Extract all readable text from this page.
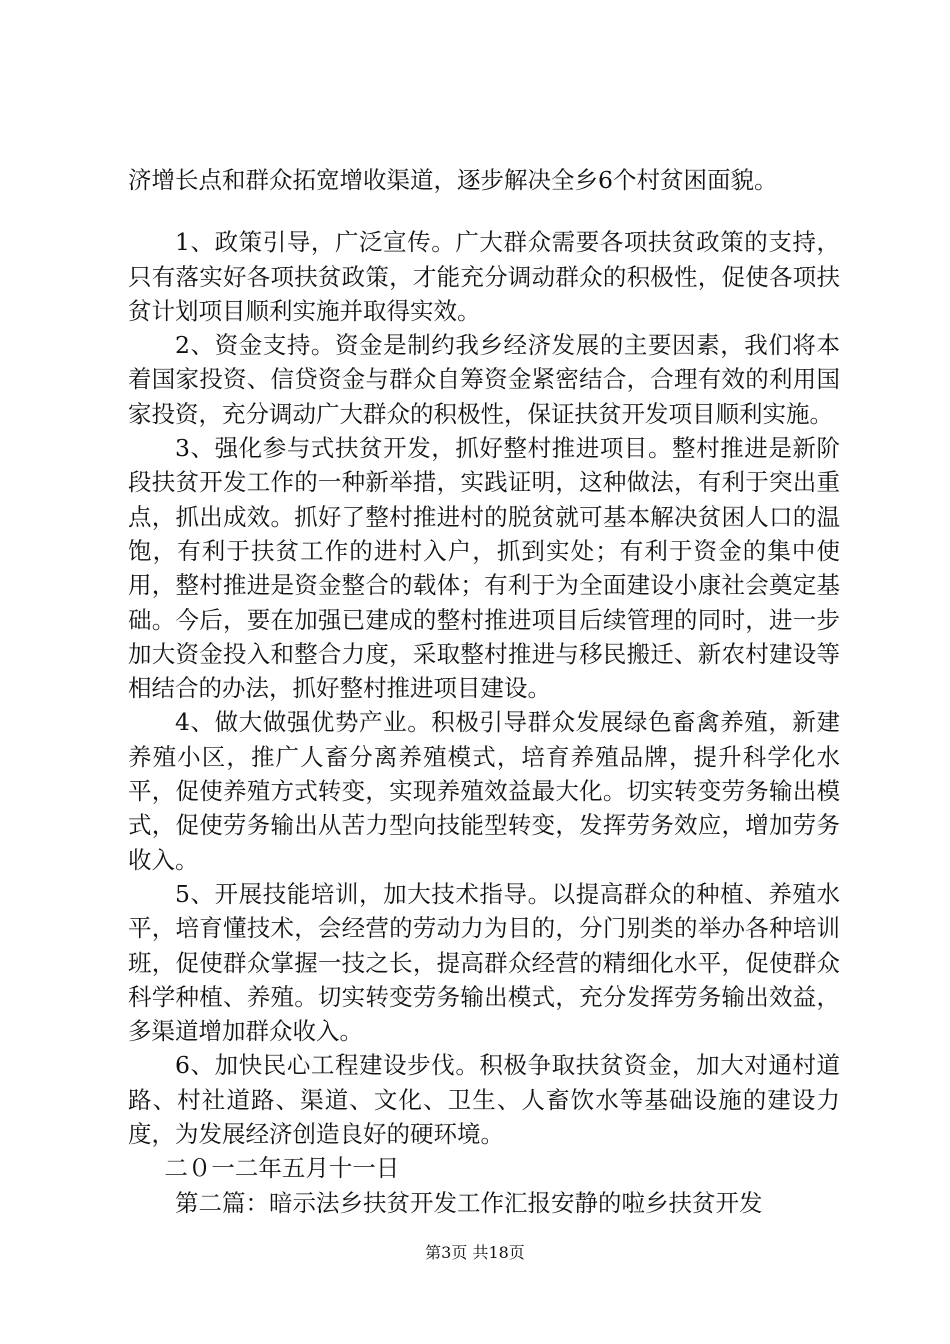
济增长点和群众拓宽增收渠道，逐步解决全乡6个村贫困面貌。

1、政策引导，广泛宣传。广大群众需要各项扶贫政策的支持，只有落实好各项扶贫政策，才能充分调动群众的积极性，促使各项扶贫计划项目顺利实施并取得实效。

2、资金支持。资金是制约我乡经济发展的主要因素，我们将本着国家投资、信贷资金与群众自筹资金紧密结合，合理有效的利用国家投资，充分调动广大群众的积极性，保证扶贫开发项目顺利实施。

3、强化参与式扶贫开发，抓好整村推进项目。整村推进是新阶段扶贫开发工作的一种新举措，实践证明，这种做法，有利于突出重点，抓出成效。抓好了整村推进村的脱贫就可基本解决贫困人口的温饱，有利于扶贫工作的进村入户，抓到实处；有利于资金的集中使用，整村推进是资金整合的载体；有利于为全面建设小康社会奠定基础。今后，要在加强已建成的整村推进项目后续管理的同时，进一步加大资金投入和整合力度，采取整村推进与移民搬迁、新农村建设等相结合的办法，抓好整村推进项目建设。

4、做大做强优势产业。积极引导群众发展绿色畜禽养殖，新建养殖小区，推广人畜分离养殖模式，培育养殖品牌，提升科学化水平，促使养殖方式转变，实现养殖效益最大化。切实转变劳务输出模式，促使劳务输出从苦力型向技能型转变，发挥劳务效应，增加劳务收入。

5、开展技能培训，加大技术指导。以提高群众的种植、养殖水平，培育懂技术，会经营的劳动力为目的，分门别类的举办各种培训班，促使群众掌握一技之长，提高群众经营的精细化水平，促使群众科学种植、养殖。切实转变劳务输出模式，充分发挥劳务输出效益，多渠道增加群众收入。

6、加快民心工程建设步伐。积极争取扶贫资金，加大对通村道路、村社道路、渠道、文化、卫生、人畜饮水等基础设施的建设力度，为发展经济创造良好的硬环境。

二０一二年五月十一日

第二篇：暗示法乡扶贫开发工作汇报安静的啦乡扶贫开发

第3页 共18页
